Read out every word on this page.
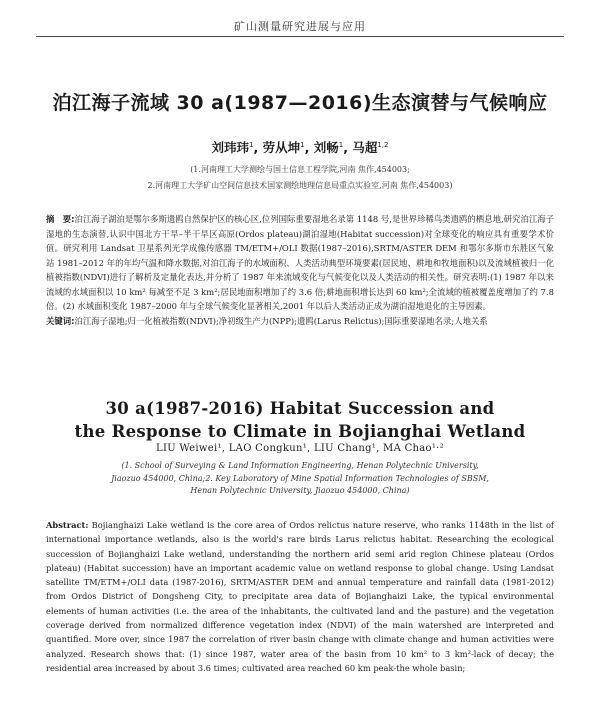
矿山测量研究进展与应用
泊江海子流域 30 a(1987—2016)生态演替与气候响应
刘玮玮$^1$, 劳从坤$^1$, 刘畅$^1$, 马超$^{1,2}$
(1.河南理工大学测绘与国土信息工程学院,河南 焦作,454003;
2.河南理工大学矿山空间信息技术国家测绘地理信息局重点实验室,河南 焦作,454003)
摘　要:泊江海子湖泊是鄂尔多斯遗鸥自然保护区的核心区,位列国际重要湿地名录第 1148 号,是世界珍稀鸟类遗鸥的栖息地,研究泊江海子湿地的生态演替,认识中国北方干旱–半干旱区高原(Ordos plateau)湖泊湿地(Habitat succession)对全球变化的响应具有重要学术价值。研究利用 Landsat 卫星系列光学成像传感器 TM/ETM+/OLI 数据(1987–2016),SRTM/ASTER DEM 和鄂尔多斯市东胜区气象站 1981–2012 年的年均气温和降水数据,对泊江海子的水域面积、人类活动典型环境要素(居民地、耕地和牧地面积)以及流域植被归一化植被指数(NDVI)进行了解析及定量化表达,并分析了 1987 年来流域变化与气候变化以及人类活动的相关性。研究表明:(1) 1987 年以来流域的水域面积以 10 km² 每减至不足 3 km²;居民地面积增加了约 3.6 倍;耕地面积增长达到 60 km²;全流域的植被覆盖度增加了约 7.8 倍。(2) 水域面积变化 1987–2000 年与全球气候变化显著相关,2001 年以后人类活动正成为湖泊湿地退化的主导因素。
关键词:泊江海子湿地;归一化植被指数(NDVI);净初级生产力(NPP);遗鸥(Larus Relictus);国际重要湿地名录;人地关系
30 a(1987-2016) Habitat Succession and
the Response to Climate in Bojianghai Wetland
LIU Weiwei¹, LAO Congkun¹, LIU Chang¹, MA Chao¹·²
(1. School of Surveying & Land Information Engineering, Henan Polytechnic University,
Jiaozuo 454000, China;2. Key Laboratory of Mine Spatial Information Technologies of SBSM,
Henan Polytechnic University, Jiaozuo 454000, China)
Abstract: Bojianghaizi Lake wetland is the core area of Ordos relictus nature reserve, who ranks 1148th in the list of international importance wetlands, also is the world's rare birds Larus relictus habitat. Researching the ecological succession of Bojianghaizi Lake wetland, understanding the northern arid semi arid region Chinese plateau (Ordos plateau) (Habitat succession) have an important academic value on wetland response to global change. Using Landsat satellite TM/ETM+/OLI data (1987-2016), SRTM/ASTER DEM and annual temperature and rainfall data (1981-2012) from Ordos District of Dongsheng City, to precipitate area data of Bojianghaizi Lake, the typical environmental elements of human activities (i.e. the area of the inhabitants, the cultivated land and the pasture) and the vegetation coverage derived from normalized difference vegetation index (NDVI) of the main watershed are interpreted and quantified. More over, since 1987 the correlation of river basin change with climate change and human activities were analyzed. Research shows that: (1) since 1987, water area of the basin from 10 km² to 3 km²-lack of decay; the residential area increased by about 3.6 times; cultivated area reached 60 km peak-the whole basin;
